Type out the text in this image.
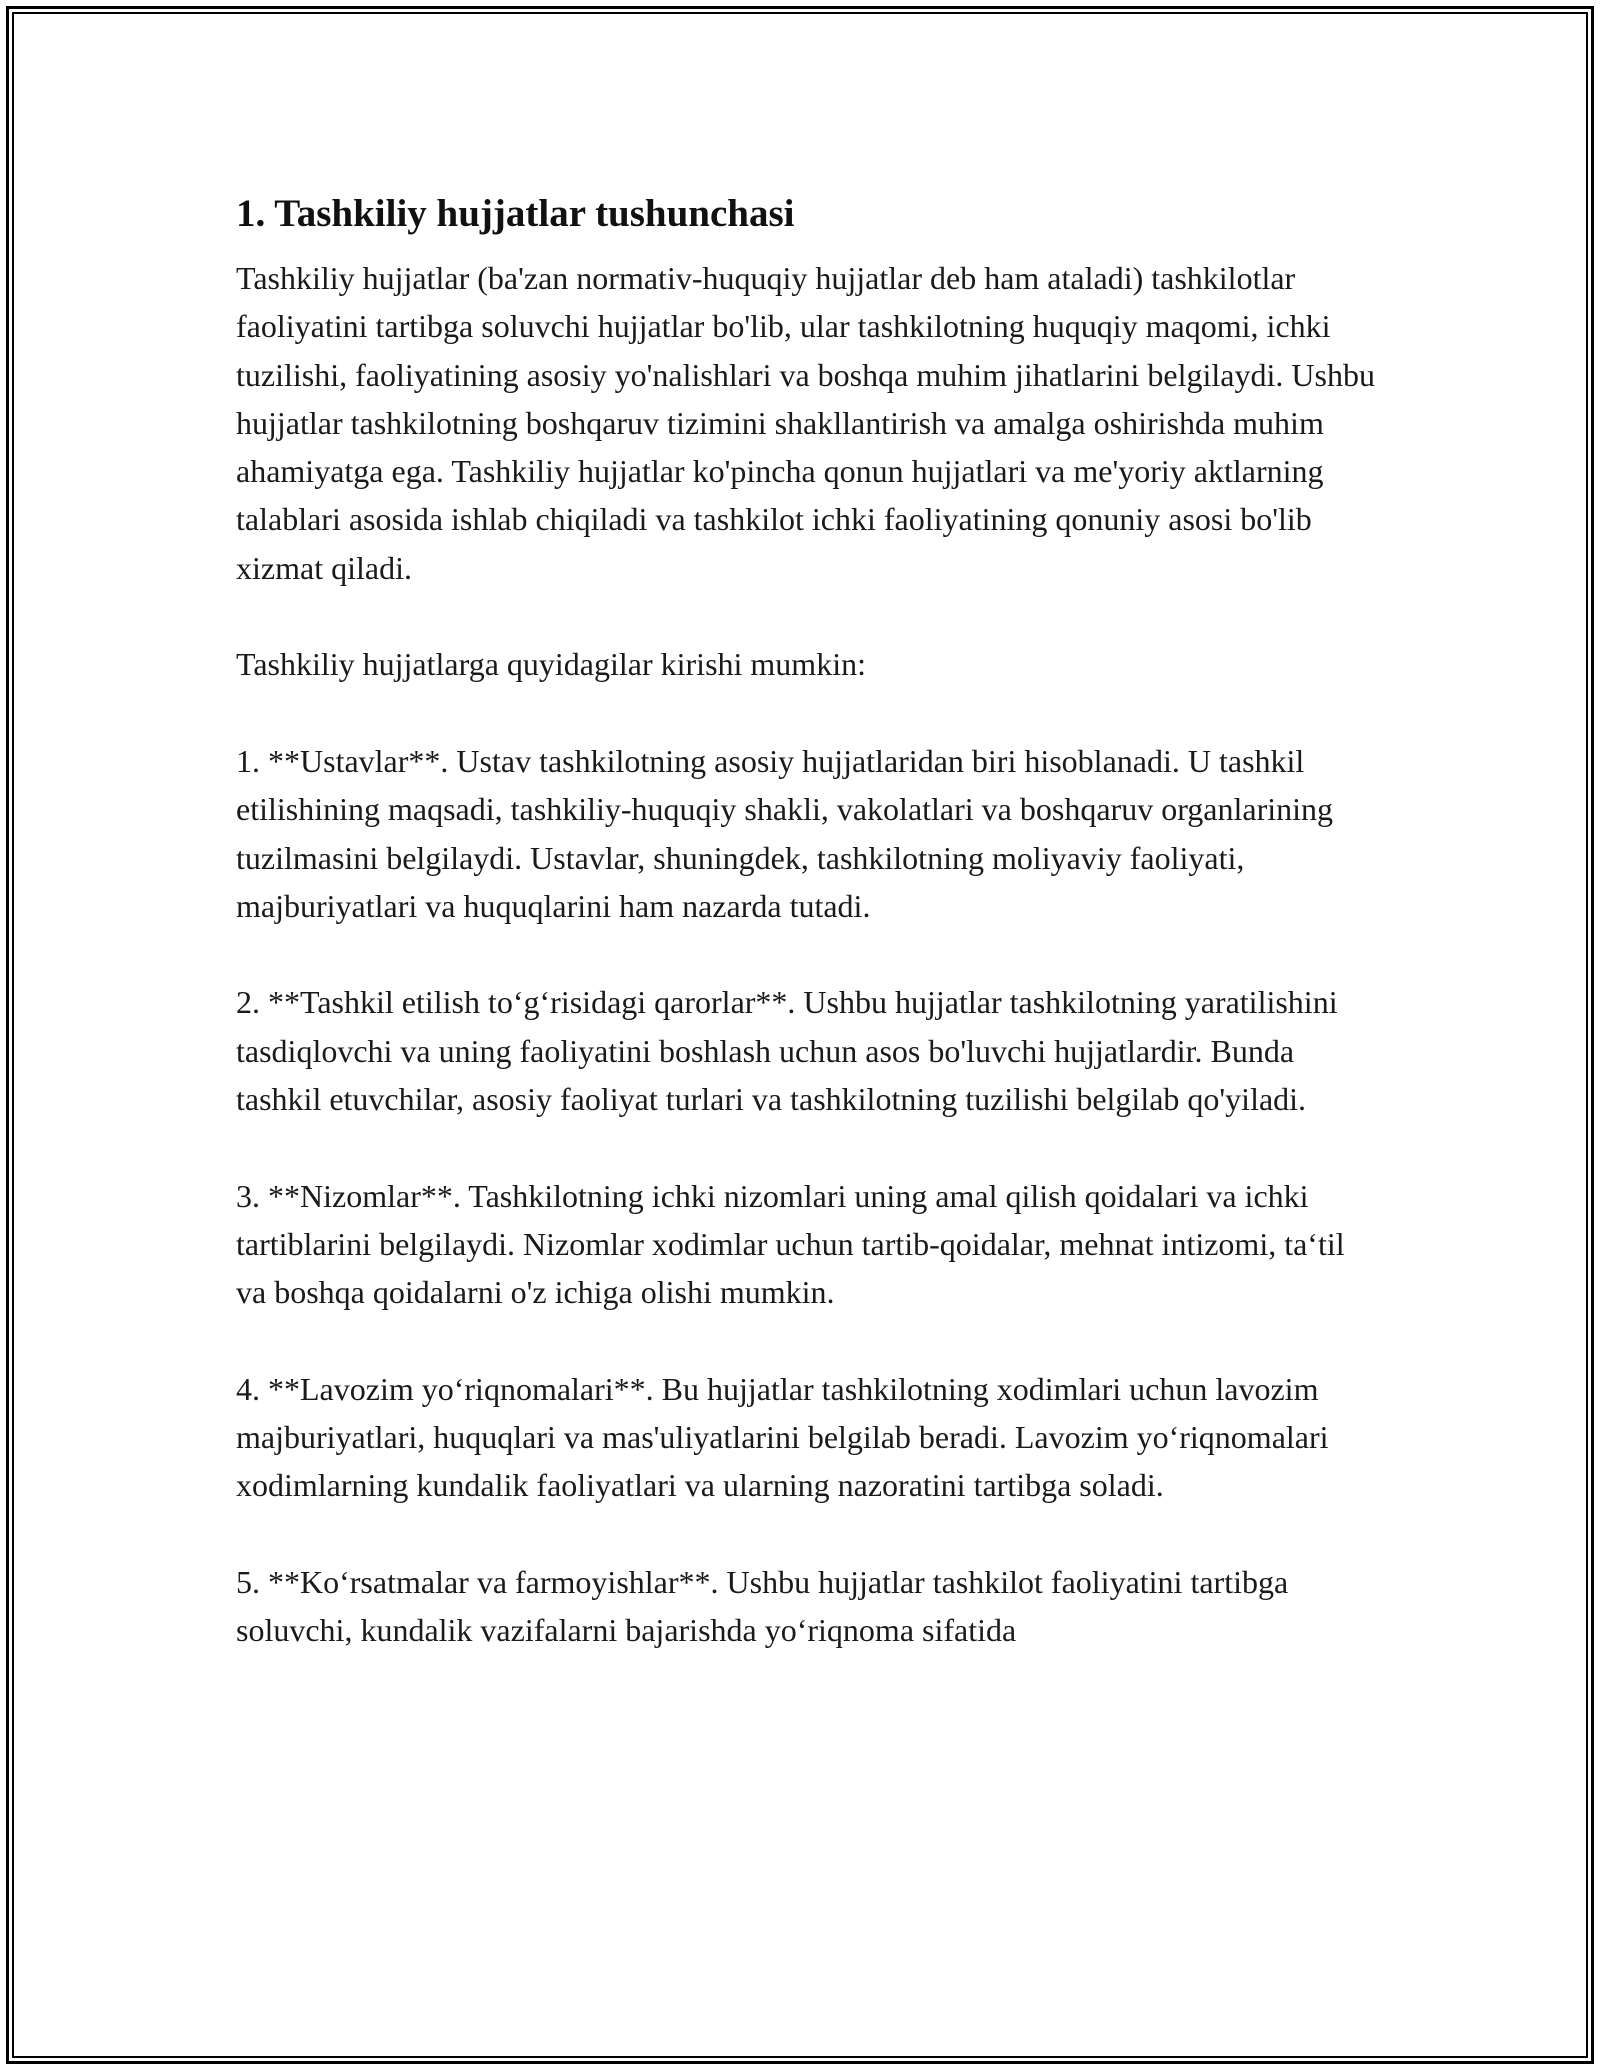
1. Tashkiliy hujjatlar tushunchasi

Tashkiliy hujjatlar (ba'zan normativ-huquqiy hujjatlar deb ham ataladi) tashkilotlar faoliyatini tartibga soluvchi hujjatlar bo'lib, ular tashkilotning huquqiy maqomi, ichki tuzilishi, faoliyatining asosiy yo'nalishlari va boshqa muhim jihatlarini belgilaydi. Ushbu hujjatlar tashkilotning boshqaruv tizimini shakllantirish va amalga oshirishda muhim ahamiyatga ega. Tashkiliy hujjatlar ko'pincha qonun hujjatlari va me'yoriy aktlarning talablari asosida ishlab chiqiladi va tashkilot ichki faoliyatining qonuniy asosi bo'lib xizmat qiladi.

Tashkiliy hujjatlarga quyidagilar kirishi mumkin:

1. **Ustavlar**. Ustav tashkilotning asosiy hujjatlaridan biri hisoblanadi. U tashkil etilishining maqsadi, tashkiliy-huquqiy shakli, vakolatlari va boshqaruv organlarining tuzilmasini belgilaydi. Ustavlar, shuningdek, tashkilotning moliyaviy faoliyati, majburiyatlari va huquqlarini ham nazarda tutadi.

2. **Tashkil etilish to‘g‘risidagi qarorlar**. Ushbu hujjatlar tashkilotning yaratilishini tasdiqlovchi va uning faoliyatini boshlash uchun asos bo'luvchi hujjatlardir. Bunda tashkil etuvchilar, asosiy faoliyat turlari va tashkilotning tuzilishi belgilab qo'yiladi.

3. **Nizomlar**. Tashkilotning ichki nizomlari uning amal qilish qoidalari va ichki tartiblarini belgilaydi. Nizomlar xodimlar uchun tartib-qoidalar, mehnat intizomi, ta‘til va boshqa qoidalarni o'z ichiga olishi mumkin.

4. **Lavozim yo‘riqnomalari**. Bu hujjatlar tashkilotning xodimlari uchun lavozim majburiyatlari, huquqlari va mas'uliyatlarini belgilab beradi. Lavozim yo‘riqnomalari xodimlarning kundalik faoliyatlari va ularning nazoratini tartibga soladi.

5. **Ko‘rsatmalar va farmoyishlar**. Ushbu hujjatlar tashkilot faoliyatini tartibga soluvchi, kundalik vazifalarni bajarishda yo‘riqnoma sifatida
